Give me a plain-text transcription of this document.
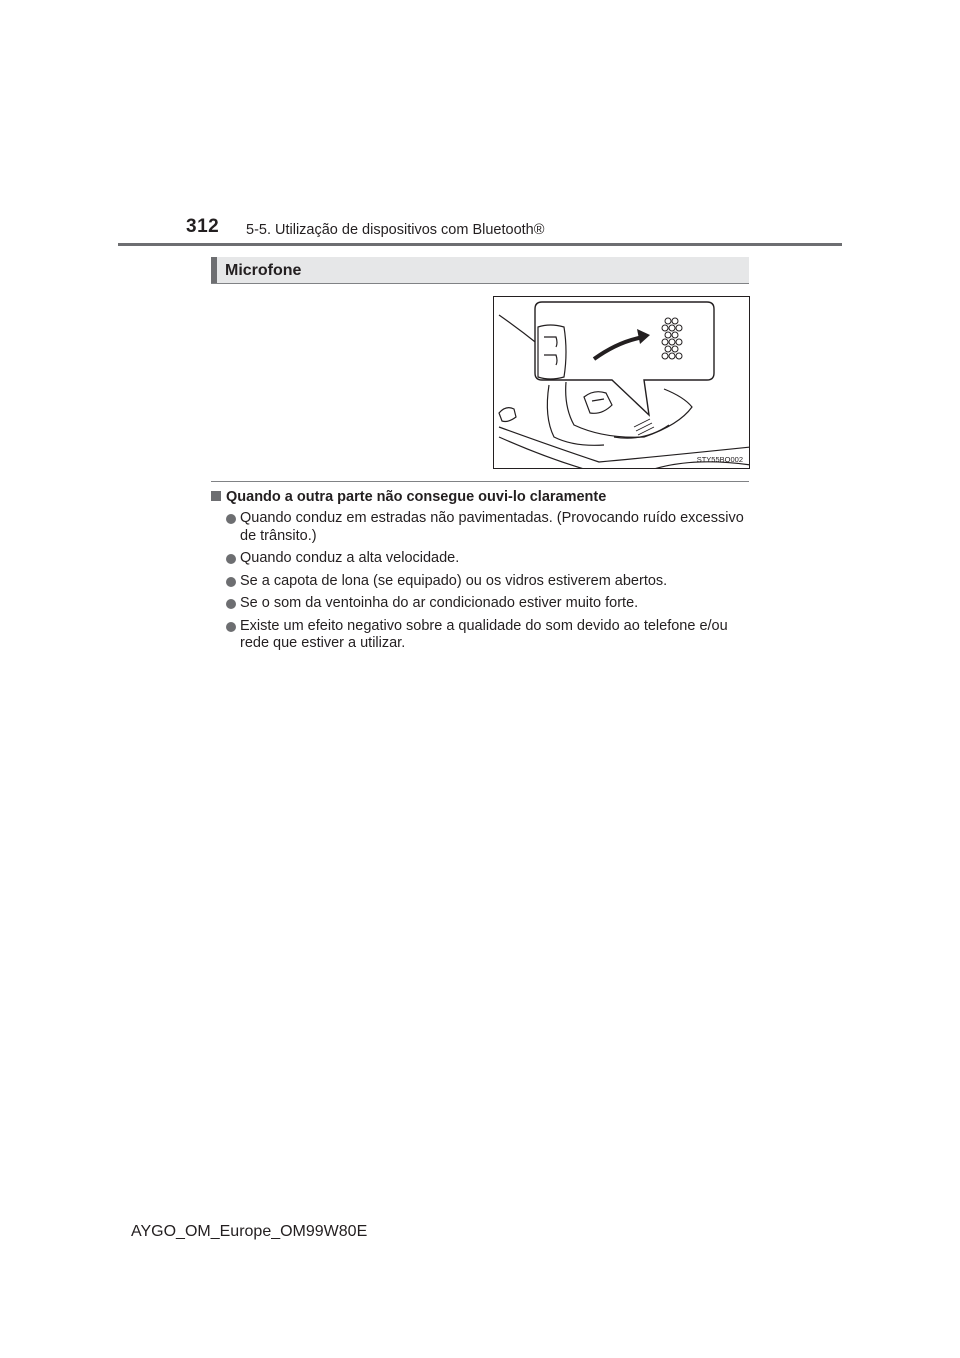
312 5-5. Utilização de dispositivos com Bluetooth®
Microfone
STY55BO002
Quando a outra parte não consegue ouvi-lo claramente
Quando conduz em estradas não pavimentadas. (Provocando ruído excessivo de trânsito.)
Quando conduz a alta velocidade.
Se a capota de lona (se equipado) ou os vidros estiverem abertos.
Se o som da ventoinha do ar condicionado estiver muito forte.
Existe um efeito negativo sobre a qualidade do som devido ao telefone e/ou rede que estiver a utilizar.
AYGO_OM_Europe_OM99W80E
